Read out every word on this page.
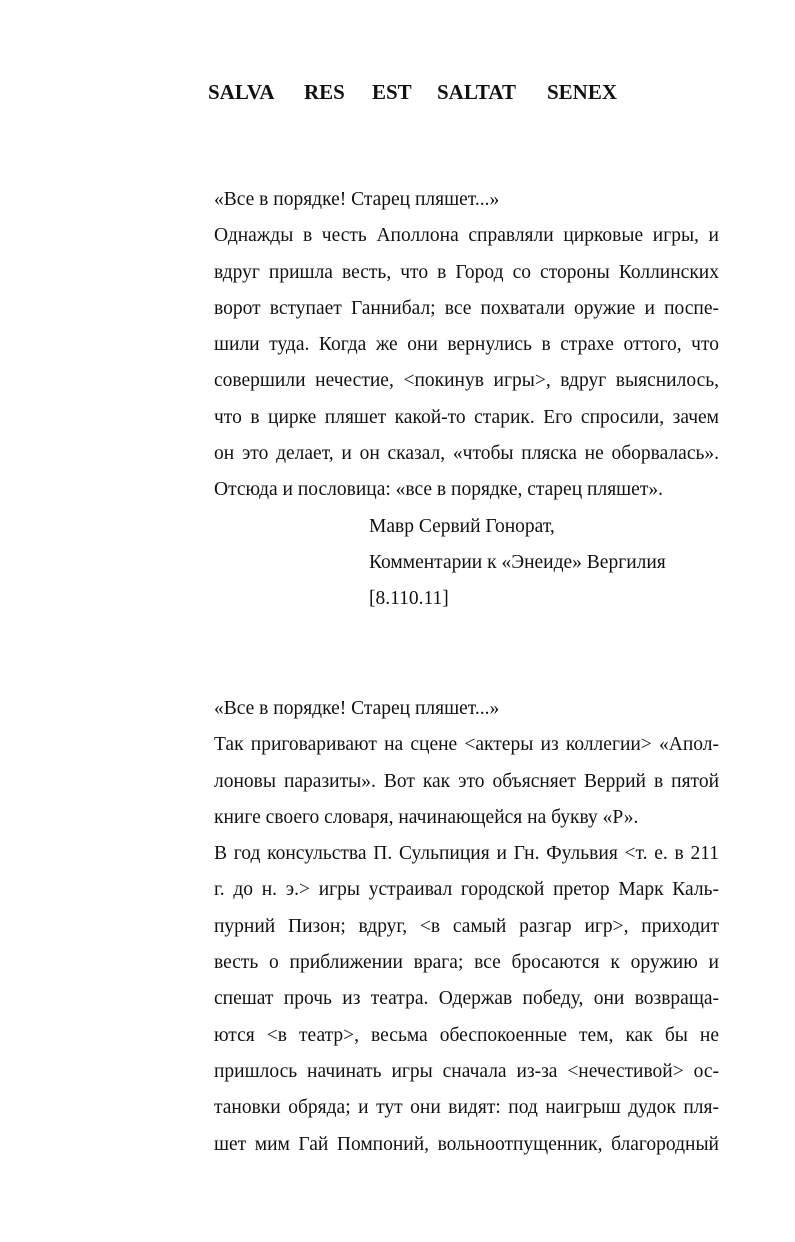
SALVA RES EST SALTAT SENEX
«Все в порядке! Старец пляшет...»
Однажды в честь Аполлона справляли цирковые игры, и
вдруг пришла весть, что в Город со стороны Коллинских
ворот вступает Ганнибал; все похватали оружие и поспе-
шили туда. Когда же они вернулись в страхе оттого, что
совершили нечестие, <покинув игры>, вдруг выяснилось,
что в цирке пляшет какой-то старик. Его спросили, зачем
он это делает, и он сказал, «чтобы пляска не оборвалась».
Отсюда и пословица: «все в порядке, старец пляшет».
Мавр Сервий Гонорат,
Комментарии к «Энеиде» Вергилия
[8.110.11]
«Все в порядке! Старец пляшет...»
Так приговаривают на сцене <актеры из коллегии> «Апол-
лоновы паразиты». Вот как это объясняет Веррий в пятой
книге своего словаря, начинающейся на букву «Р».
В год консульства П. Сульпиция и Гн. Фульвия <т. е. в 211
г. до н. э.> игры устраивал городской претор Марк Каль-
пурний Пизон; вдруг, <в самый разгар игр>, приходит
весть о приближении врага; все бросаются к оружию и
спешат прочь из театра. Одержав победу, они возвраща-
ются <в театр>, весьма обеспокоенные тем, как бы не
пришлось начинать игры сначала из-за <нечестивой> ос-
тановки обряда; и тут они видят: под наигрыш дудок пля-
шет мим Гай Помпоний, вольноотпущенник, благородный
